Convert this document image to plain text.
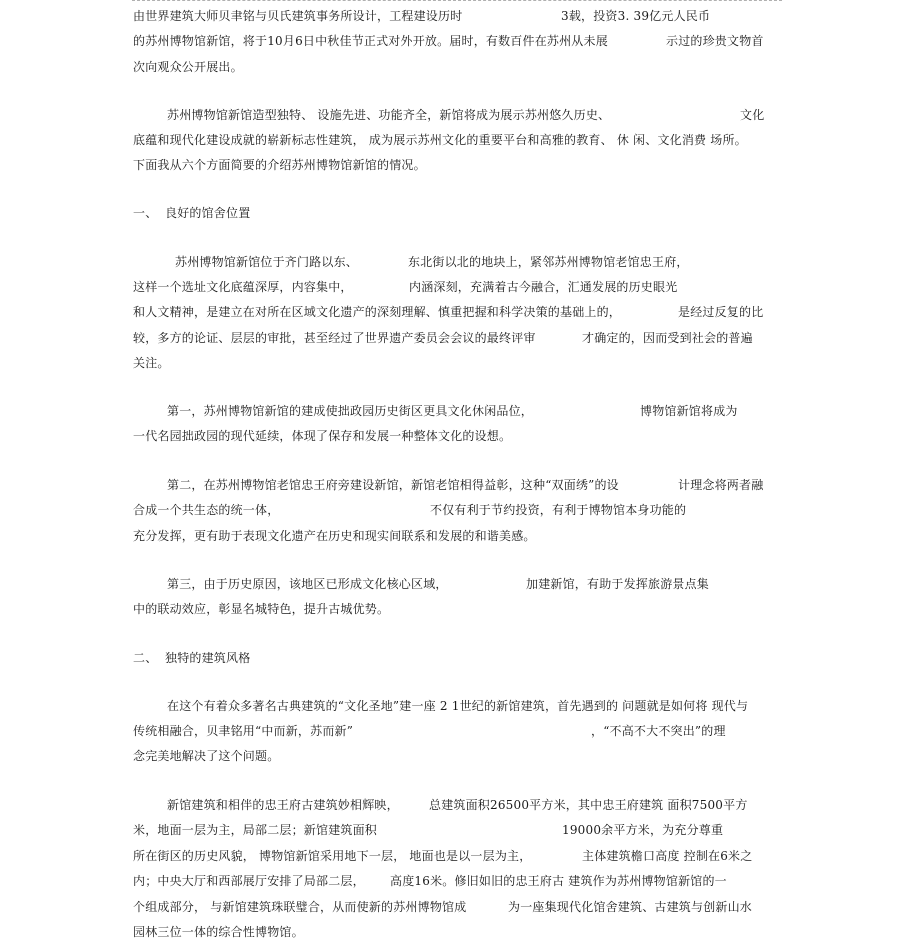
由世界建筑大师贝聿铭与贝氏建筑事务所设计，工程建设历时	3载，投资3. 39亿元人民币
的苏州博物馆新馆，将于10月6日中秋佳节正式对外开放。届时，有数百件在苏州从未展	示过的珍贵文物首
次向观众公开展出。
苏州博物馆新馆造型独特、 设施先进、功能齐全，新馆将成为展示苏州悠久历史、	文化
底蕴和现代化建设成就的崭新标志性建筑， 成为展示苏州文化的重要平台和高雅的教育、 休 闲、文化消费 场所。
下面我从六个方面简要的介绍苏州博物馆新馆的情况。
一、 良好的馆舍位置
苏州博物馆新馆位于齐门路以东、	东北街以北的地块上，紧邻苏州博物馆老馆忠王府，
这样一个选址文化底蕴深厚，内容集中，	内涵深刻，充满着古今融合，汇通发展的历史眼光
和人文精神，是建立在对所在区域文化遗产的深刻理解、慎重把握和科学决策的基础上的，	是经过反复的比
较，多方的论证、层层的审批，甚至经过了世界遗产委员会会议的最终评审	才确定的，因而受到社会的普遍
关注。
第一，苏州博物馆新馆的建成使拙政园历史街区更具文化休闲品位，	博物馆新馆将成为
一代名园拙政园的现代延续，体现了保存和发展一种整体文化的设想。
第二，在苏州博物馆老馆忠王府旁建设新馆，新馆老馆相得益彰，这种“双面绣”的设	计理念将两者融
合成一个共生态的统一体，	不仅有利于节约投资，有利于博物馆本身功能的
充分发挥，更有助于表现文化遗产在历史和现实间联系和发展的和谐美感。
第三，由于历史原因，该地区已形成文化核心区域，	加建新馆，有助于发挥旅游景点集
中的联动效应，彰显名城特色，提升古城优势。
二、 独特的建筑风格
在这个有着众多著名古典建筑的“文化圣地”建一座 2 1世纪的新馆建筑，首先遇到的 问题就是如何将 现代与
传统相融合，贝聿铭用“中而新，苏而新”	，“不高不大不突出”的理
念完美地解决了这个问题。
新馆建筑和相伴的忠王府古建筑妙相辉映，	总建筑面积26500平方米，其中忠王府建筑 面积7500平方
米，地面一层为主，局部二层；新馆建筑面积	19000余平方米，为充分尊重
所在街区的历史风貌， 博物馆新馆采用地下一层， 地面也是以一层为主，	主体建筑檐口高度 控制在6米之
内；中央大厅和西部展厅安排了局部二层， 高度16米。修旧如旧的忠王府古 建筑作为苏州博物馆新馆的一
个组成部分， 与新馆建筑珠联璧合，从而使新的苏州博物馆成	为一座集现代化馆舍建筑、古建筑与创新山水
园林三位一体的综合性博物馆。
